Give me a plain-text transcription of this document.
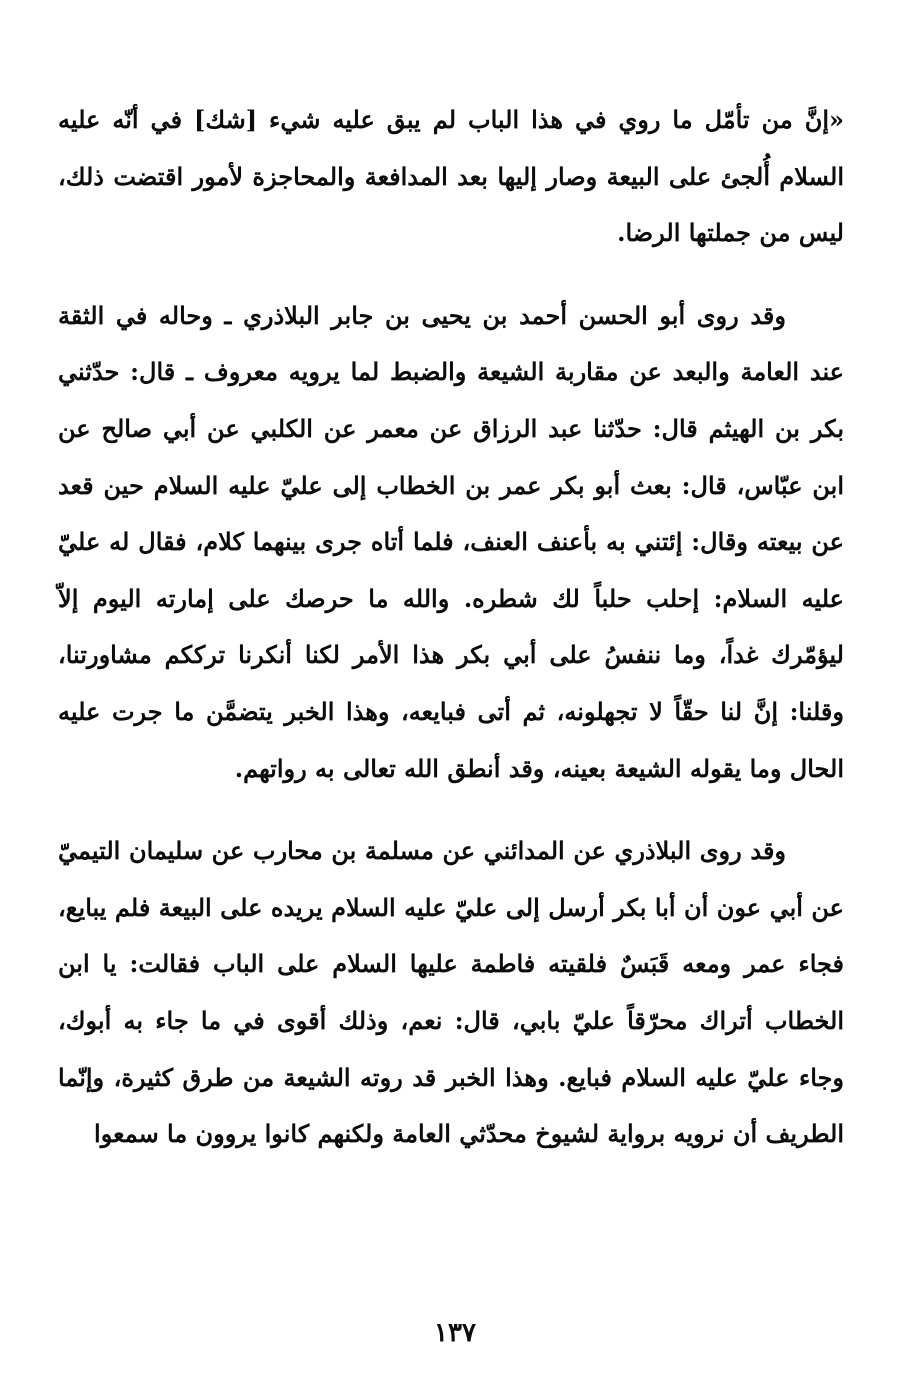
«إنَّ من تأمّل ما روي في هذا الباب لم يبق عليه شيء [شك] في أنّه عليه السلام أُلجئ على البيعة وصار إليها بعد المدافعة والمحاجزة لأمور اقتضت ذلك، ليس من جملتها الرضا.

وقد روى أبو الحسن أحمد بن يحيى بن جابر البلاذري ـ وحاله في الثقة عند العامة والبعد عن مقاربة الشيعة والضبط لما يرويه معروف ـ قال: حدّثني بكر بن الهيثم قال: حدّثنا عبد الرزاق عن معمر عن الكلبي عن أبي صالح عن ابن عبّاس، قال: بعث أبو بكر عمر بن الخطاب إلى عليّ عليه السلام حين قعد عن بيعته وقال: إئتني به بأعنف العنف، فلما أتاه جرى بينهما كلام، فقال له عليّ عليه السلام: إحلب حلباً لك شطره. والله ما حرصك على إمارته اليوم إلاّ ليؤمّرك غداً، وما ننفسُ على أبي بكر هذا الأمر لكنا أنكرنا ترككم مشاورتنا، وقلنا: إنَّ لنا حقّاً لا تجهلونه، ثم أتى فبايعه، وهذا الخبر يتضمَّن ما جرت عليه الحال وما يقوله الشيعة بعينه، وقد أنطق الله تعالى به رواتهم.

وقد روى البلاذري عن المدائني عن مسلمة بن محارب عن سليمان التيميّ عن أبي عون أن أبا بكر أرسل إلى عليّ عليه السلام يريده على البيعة فلم يبايع، فجاء عمر ومعه قَبَسٌ فلقيته فاطمة عليها السلام على الباب فقالت: يا ابن الخطاب أتراك محرّقاً عليّ بابي، قال: نعم، وذلك أقوى في ما جاء به أبوك، وجاء عليّ عليه السلام فبايع. وهذا الخبر قد روته الشيعة من طرق كثيرة، وإنّما الطريف أن نرويه برواية لشيوخ محدّثي العامة ولكنهم كانوا يروون ما سمعوا

١٣٧
